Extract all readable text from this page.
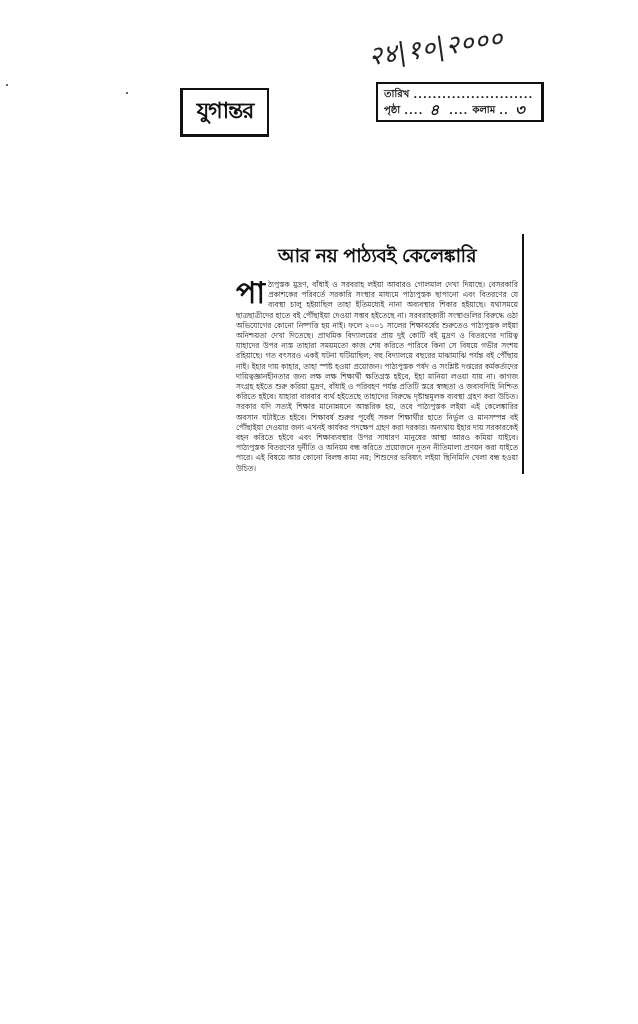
२४|१०|२०००
যুগান্তর
তারিখ .........................
পৃষ্ঠা .... ৪ .... কলাম .. ৩
আর নয় পাঠ্যবই কেলেঙ্কারি

পাঠ্যপুস্তক মুদ্রণ, বাঁধাই ও সরবরাহ লইয়া আবারও গোলমাল দেখা দিয়াছে। বেসরকারি প্রকাশকের পরিবর্তে সরকারি সংস্থার মাধ্যমে পাঠ্যপুস্তক ছাপানো এবং বিতরণের যে ব্যবস্থা চালু হইয়াছিল তাহা ইতিমধ্যেই নানা অব্যবস্থার শিকার হইয়াছে। যথাসময়ে ছাত্রছাত্রীদের হাতে বই পৌঁছাইয়া দেওয়া সম্ভব হইতেছে না। সরবরাহকারী সংস্থাগুলির বিরুদ্ধে ওঠা অভিযোগের কোনো নিষ্পত্তি হয় নাই। ফলে ২০০১ সালের শিক্ষাবর্ষের শুরুতেও পাঠ্যপুস্তক লইয়া অনিশ্চয়তা দেখা দিতেছে। প্রাথমিক বিদ্যালয়ের প্রায় দুই কোটি বই মুদ্রণ ও বিতরণের দায়িত্ব যাহাদের উপর ন্যস্ত তাহারা সময়মতো কাজ শেষ করিতে পারিবে কিনা সে বিষয়ে গভীর সংশয় রহিয়াছে। গত বৎসরও একই ঘটনা ঘটিয়াছিল; বহু বিদ্যালয়ে বছরের মাঝামাঝি পর্যন্ত বই পৌঁছায় নাই। ইহার দায় কাহার, তাহা স্পষ্ট হওয়া প্রয়োজন। পাঠ্যপুস্তক পর্ষদ ও সংশ্লিষ্ট দপ্তরের কর্মকর্তাদের দায়িত্বজ্ঞানহীনতার জন্য লক্ষ লক্ষ শিক্ষার্থী ক্ষতিগ্রস্ত হইবে, ইহা মানিয়া লওয়া যায় না। কাগজ সংগ্রহ হইতে শুরু করিয়া মুদ্রণ, বাঁধাই ও পরিবহণ পর্যন্ত প্রতিটি স্তরে স্বচ্ছতা ও জবাবদিহি নিশ্চিত করিতে হইবে। যাহারা বারবার ব্যর্থ হইতেছে তাহাদের বিরুদ্ধে দৃষ্টান্তমূলক ব্যবস্থা গ্রহণ করা উচিত। সরকার যদি সত্যই শিক্ষার মানোন্নয়নে আন্তরিক হয়, তবে পাঠ্যপুস্তক লইয়া এই কেলেঙ্কারির অবসান ঘটাইতে হইবে। শিক্ষাবর্ষ শুরুর পূর্বেই সকল শিক্ষার্থীর হাতে নির্ভুল ও মানসম্পন্ন বই পৌঁছাইয়া দেওয়ার জন্য এখনই কার্যকর পদক্ষেপ গ্রহণ করা দরকার। অন্যথায় ইহার দায় সরকারকেই বহন করিতে হইবে এবং শিক্ষাব্যবস্থার উপর সাধারণ মানুষের আস্থা আরও কমিয়া যাইবে। পাঠ্যপুস্তক বিতরণের দুর্নীতি ও অনিয়ম বন্ধ করিতে প্রয়োজনে নূতন নীতিমালা প্রণয়ন করা যাইতে পারে। এই বিষয়ে আর কোনো বিলম্ব কাম্য নয়; শিশুদের ভবিষ্যৎ লইয়া ছিনিমিনি খেলা বন্ধ হওয়া উচিত।
